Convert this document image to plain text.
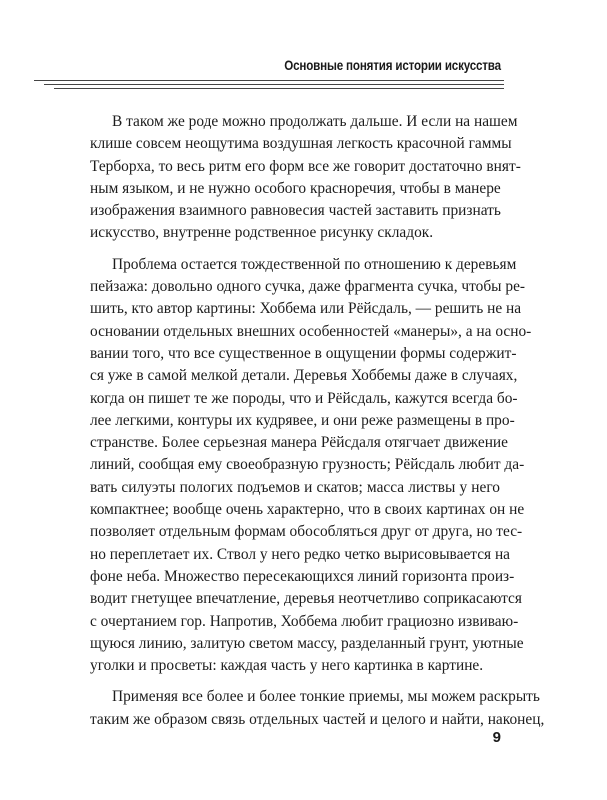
Основные понятия истории искусства

В таком же роде можно продолжать дальше. И если на нашем
клише совсем неощутима воздушная легкость красочной гаммы
Терборха, то весь ритм его форм все же говорит достаточно внят-
ным языком, и не нужно особого красноречия, чтобы в манере
изображения взаимного равновесия частей заставить признать
искусство, внутренне родственное рисунку складок.

Проблема остается тождественной по отношению к деревьям
пейзажа: довольно одного сучка, даже фрагмента сучка, чтобы ре-
шить, кто автор картины: Хоббема или Рёйсдаль, — решить не на
основании отдельных внешних особенностей «манеры», а на осно-
вании того, что все существенное в ощущении формы содержит-
ся уже в самой мелкой детали. Деревья Хоббемы даже в случаях,
когда он пишет те же породы, что и Рёйсдаль, кажутся всегда бо-
лее легкими, контуры их кудрявее, и они реже размещены в про-
странстве. Более серьезная манера Рёйсдаля отягчает движение
линий, сообщая ему своеобразную грузность; Рёйсдаль любит да-
вать силуэты пологих подъемов и скатов; масса листвы у него
компактнее; вообще очень характерно, что в своих картинах он не
позволяет отдельным формам обособляться друг от друга, но тес-
но переплетает их. Ствол у него редко четко вырисовывается на
фоне неба. Множество пересекающихся линий горизонта произ-
водит гнетущее впечатление, деревья неотчетливо соприкасаются
с очертанием гор. Напротив, Хоббема любит грациозно извиваю-
щуюся линию, залитую светом массу, разделанный грунт, уютные
уголки и просветы: каждая часть у него картинка в картине.

Применяя все более и более тонкие приемы, мы можем раскрыть
таким же образом связь отдельных частей и целого и найти, наконец,

9
